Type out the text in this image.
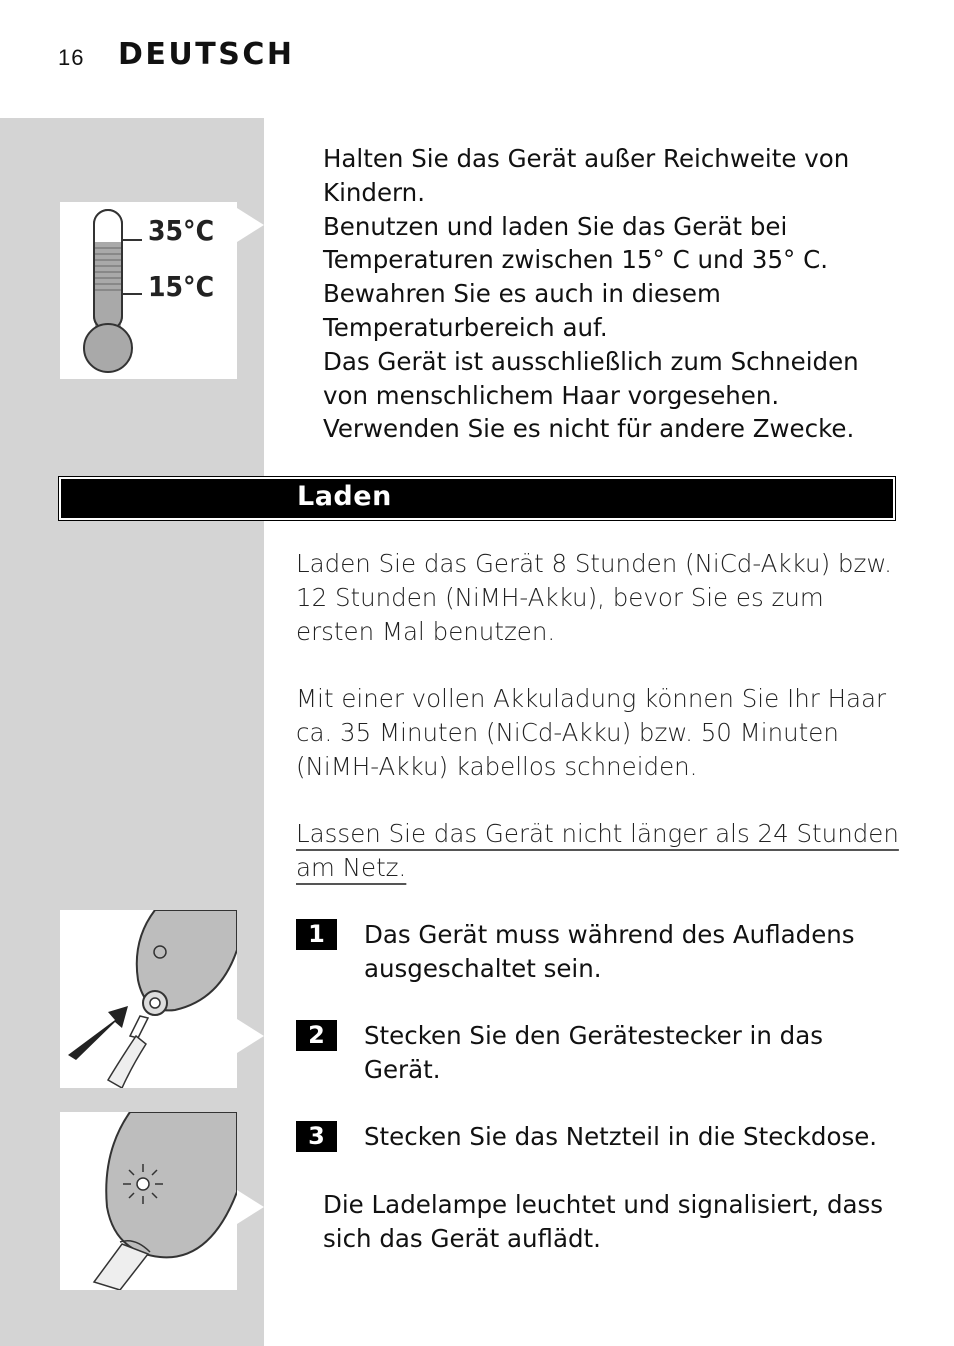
16 DEUTSCH
35°C
15°C
Halten Sie das Gerät außer Reichweite von
Kindern.
Benutzen und laden Sie das Gerät bei
Temperaturen zwischen 15° C und 35° C.
Bewahren Sie es auch in diesem
Temperaturbereich auf.
Das Gerät ist ausschließlich zum Schneiden
von menschlichem Haar vorgesehen.
Verwenden Sie es nicht für andere Zwecke.
Laden
Laden Sie das Gerät 8 Stunden (NiCd-Akku) bzw.
12 Stunden (NiMH-Akku), bevor Sie es zum
ersten Mal benutzen.
Mit einer vollen Akkuladung können Sie Ihr Haar
ca. 35 Minuten (NiCd-Akku) bzw. 50 Minuten
(NiMH-Akku) kabellos schneiden.
Lassen Sie das Gerät nicht länger als 24 Stunden
am Netz.
1	Das Gerät muss während des Aufladens
ausgeschaltet sein.
2	Stecken Sie den Gerätestecker in das
Gerät.
3	Stecken Sie das Netzteil in die Steckdose.
Die Ladelampe leuchtet und signalisiert, dass
sich das Gerät auflädt.
